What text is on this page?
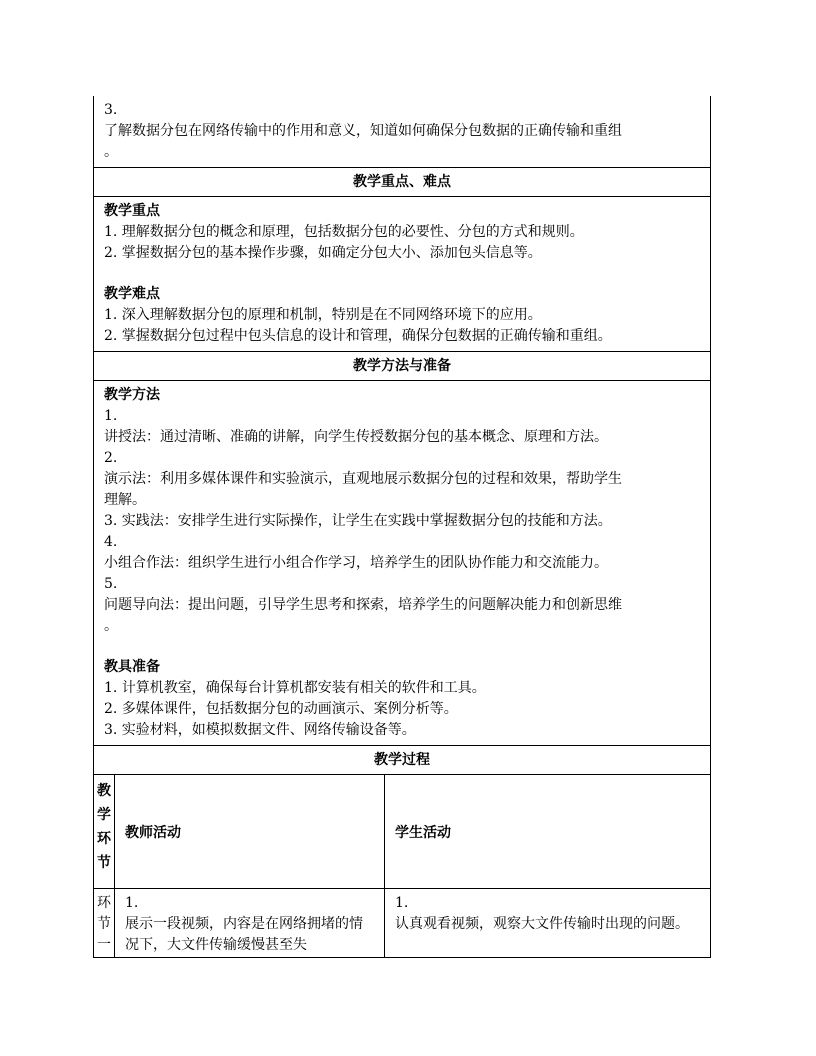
3.
了解数据分包在网络传输中的作用和意义，知道如何确保分包数据的正确传输和重组
。
教学重点、难点
教学重点
1. 理解数据分包的概念和原理，包括数据分包的必要性、分包的方式和规则。
2. 掌握数据分包的基本操作步骤，如确定分包大小、添加包头信息等。
教学难点
1. 深入理解数据分包的原理和机制，特别是在不同网络环境下的应用。
2. 掌握数据分包过程中包头信息的设计和管理，确保分包数据的正确传输和重组。
教学方法与准备
教学方法
1.
讲授法：通过清晰、准确的讲解，向学生传授数据分包的基本概念、原理和方法。
2.
演示法：利用多媒体课件和实验演示，直观地展示数据分包的过程和效果，帮助学生
理解。
3. 实践法：安排学生进行实际操作，让学生在实践中掌握数据分包的技能和方法。
4.
小组合作法：组织学生进行小组合作学习，培养学生的团队协作能力和交流能力。
5.
问题导向法：提出问题，引导学生思考和探索，培养学生的问题解决能力和创新思维
。
教具准备
1. 计算机教室，确保每台计算机都安装有相关的软件和工具。
2. 多媒体课件，包括数据分包的动画演示、案例分析等。
3. 实验材料，如模拟数据文件、网络传输设备等。
教学过程
教学环节
教师活动	学生活动
环节一
1.
展示一段视频，内容是在网络拥堵的情况下，大文件传输缓慢甚至失
1.
认真观看视频，观察大文件传输时出现的问题。
